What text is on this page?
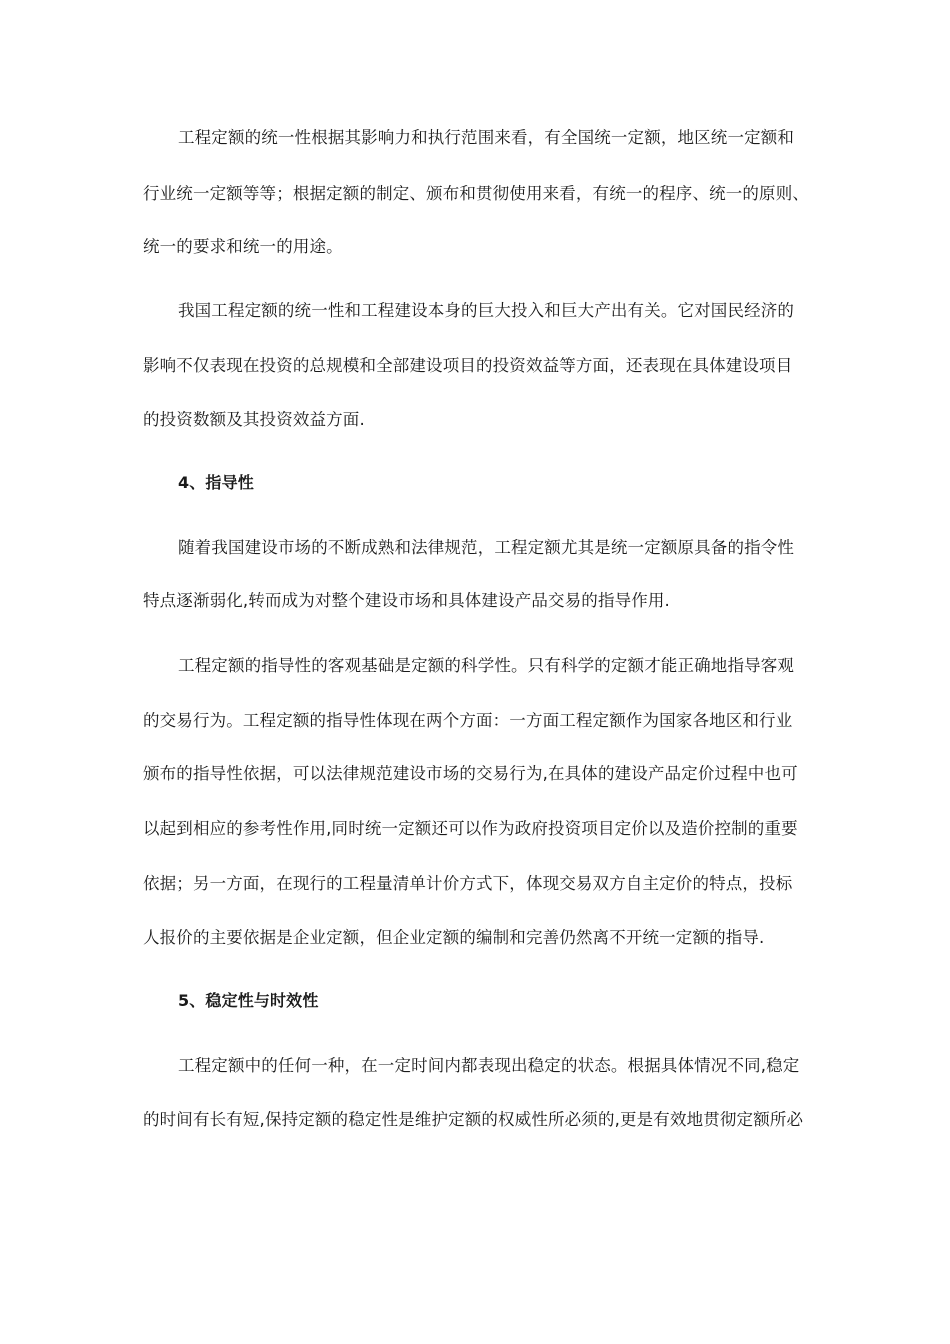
工程定额的统一性根据其影响力和执行范围来看，有全国统一定额，地区统一定额和
行业统一定额等等；根据定额的制定、颁布和贯彻使用来看，有统一的程序、统一的原则、
统一的要求和统一的用途。
我国工程定额的统一性和工程建设本身的巨大投入和巨大产出有关。它对国民经济的
影响不仅表现在投资的总规模和全部建设项目的投资效益等方面，还表现在具体建设项目
的投资数额及其投资效益方面.
4、指导性
随着我国建设市场的不断成熟和法律规范，工程定额尤其是统一定额原具备的指令性
特点逐渐弱化,转而成为对整个建设市场和具体建设产品交易的指导作用.
工程定额的指导性的客观基础是定额的科学性。只有科学的定额才能正确地指导客观
的交易行为。工程定额的指导性体现在两个方面：一方面工程定额作为国家各地区和行业
颁布的指导性依据，可以法律规范建设市场的交易行为,在具体的建设产品定价过程中也可
以起到相应的参考性作用,同时统一定额还可以作为政府投资项目定价以及造价控制的重要
依据；另一方面，在现行的工程量清单计价方式下，体现交易双方自主定价的特点，投标
人报价的主要依据是企业定额，但企业定额的编制和完善仍然离不开统一定额的指导.
5、稳定性与时效性
工程定额中的任何一种，在一定时间内都表现出稳定的状态。根据具体情况不同,稳定
的时间有长有短,保持定额的稳定性是维护定额的权威性所必须的,更是有效地贯彻定额所必
